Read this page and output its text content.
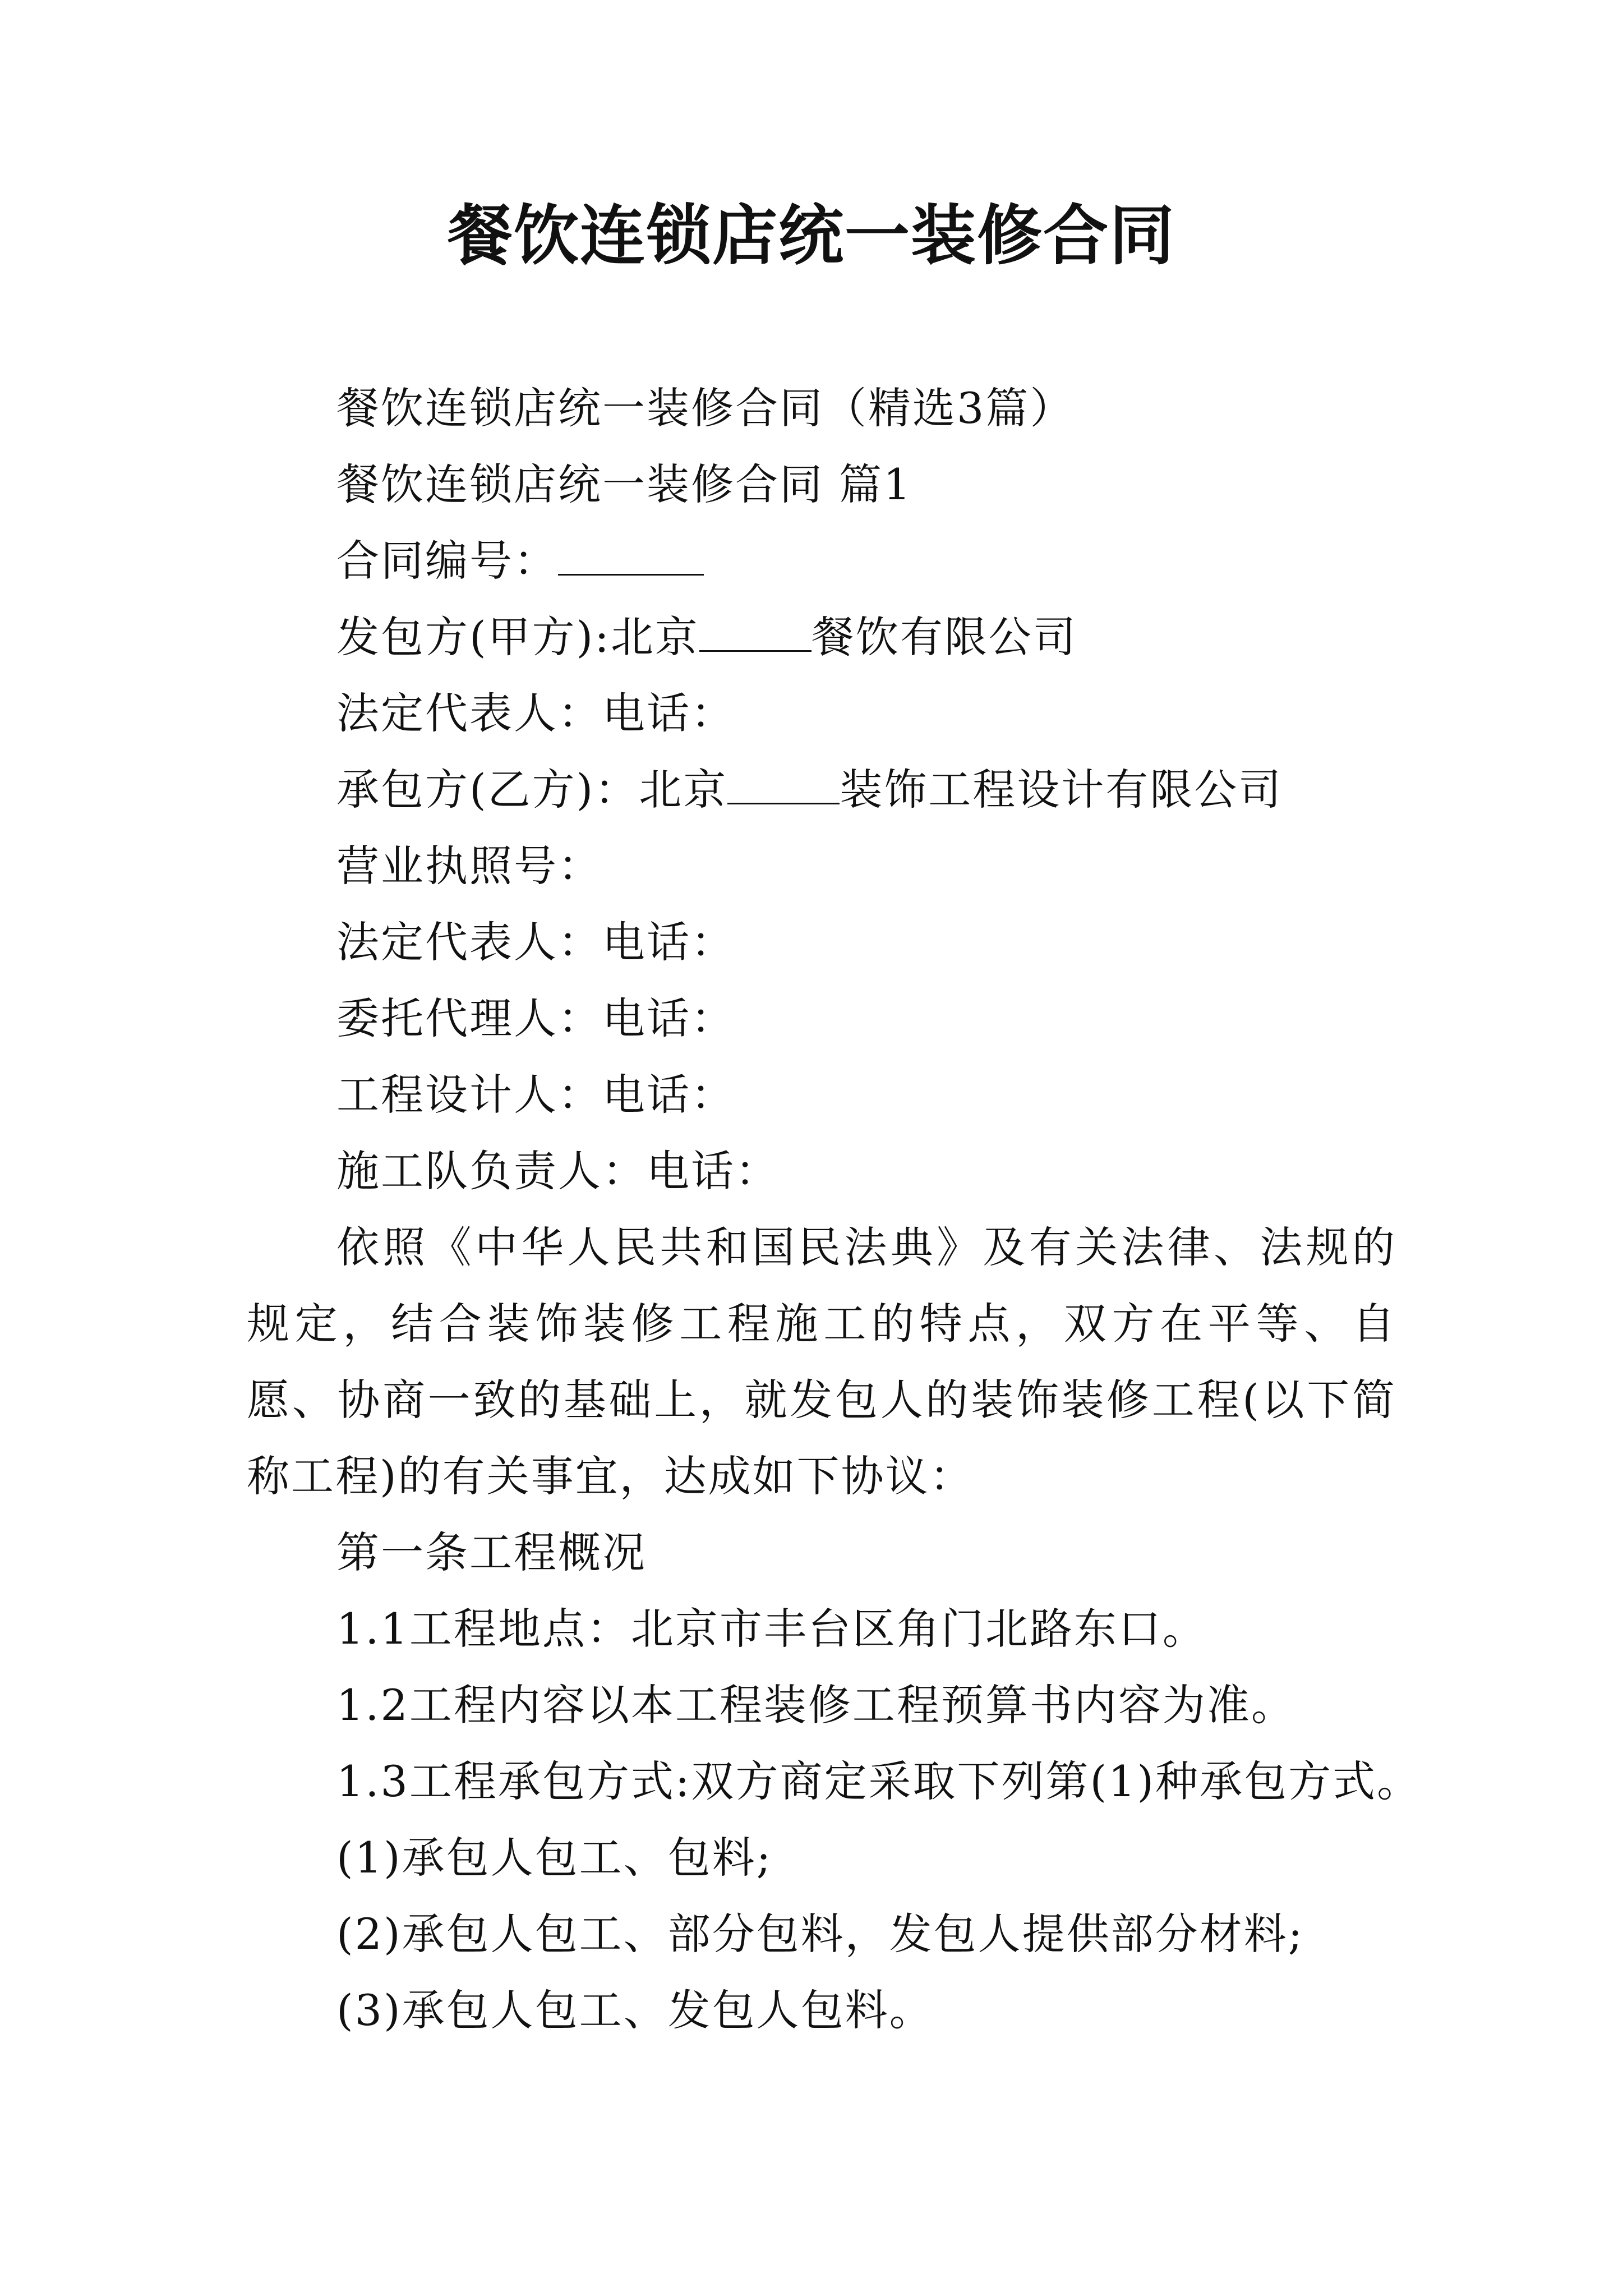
餐饮连锁店统一装修合同

餐饮连锁店统一装修合同（精选3篇）

餐饮连锁店统一装修合同 篇1

合同编号：

发包方(甲方):北京	餐饮有限公司

法定代表人：电话：

承包方(乙方)：北京	装饰工程设计有限公司

营业执照号：

法定代表人：电话：

委托代理人：电话：

工程设计人：电话：

施工队负责人：电话：

依照《中华人民共和国民法典》及有关法律、法规的规定，结合装饰装修工程施工的特点，双方在平等、自愿、协商一致的基础上，就发包人的装饰装修工程(以下简称工程)的有关事宜，达成如下协议：

第一条工程概况

1.1工程地点：北京市丰台区角门北路东口。

1.2工程内容以本工程装修工程预算书内容为准。

1.3工程承包方式:双方商定采取下列第(1)种承包方式。

(1)承包人包工、包料;

(2)承包人包工、部分包料，发包人提供部分材料;

(3)承包人包工、发包人包料。
